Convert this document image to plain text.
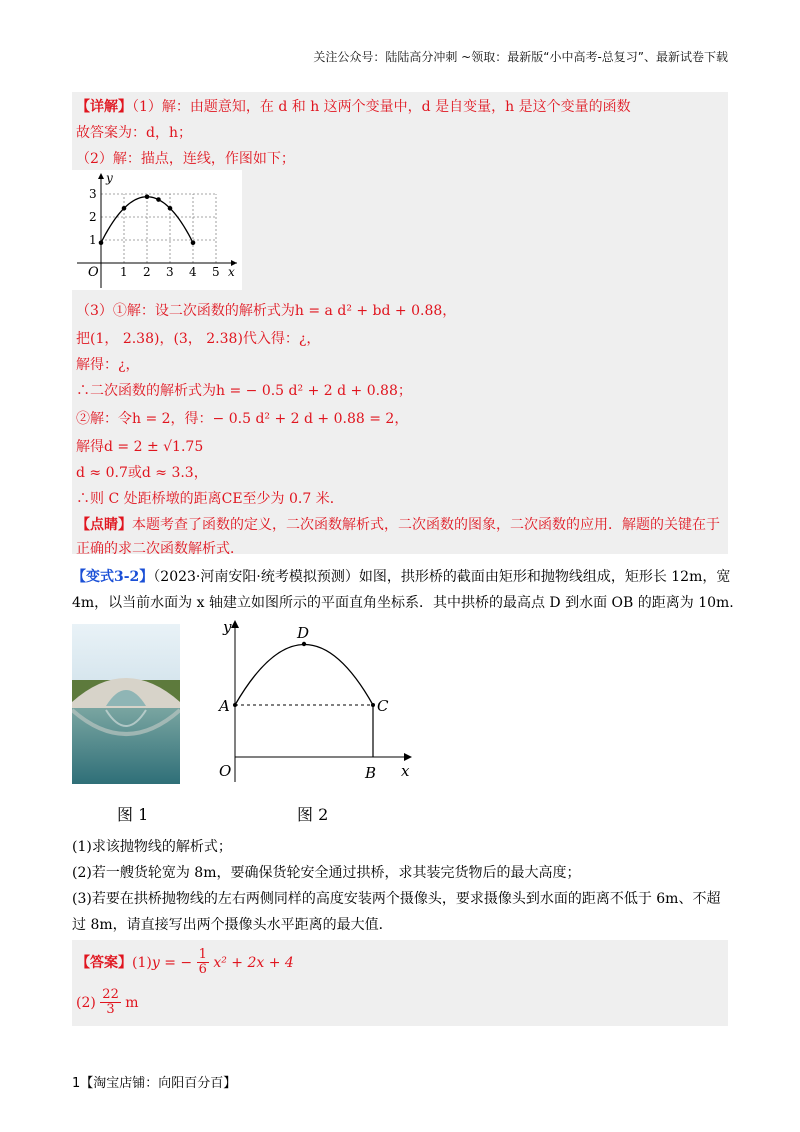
关注公众号：陆陆高分冲刺 ~领取：最新版“小中高考-总复习”、最新试卷下载
【详解】（1）解：由题意知，在 d 和 h 这两个变量中，d 是自变量，h 是这个变量的函数
故答案为：d，h；
（2）解：描点，连线，作图如下；
1 2 3 4 5
1
2
3
O	x
y
（3）①解：设二次函数的解析式为h = a d² + bd + 0.88，
把(1， 2.38)，(3， 2.38)代入得：¿，
解得：¿，
∴二次函数的解析式为h = − 0.5 d² + 2 d + 0.88；
②解：令h = 2，得：− 0.5 d² + 2 d + 0.88 = 2，
解得d = 2 ± √1.75
d ≈ 0.7或d ≈ 3.3，
∴则 C 处距桥墩的距离CE至少为 0.7 米．
【点睛】本题考查了函数的定义，二次函数解析式，二次函数的图象，二次函数的应用．解题的关键在于
正确的求二次函数解析式．
【变式3-2】（2023·河南安阳·统考模拟预测）如图，拱形桥的截面由矩形和抛物线组成，矩形长 12m，宽
4m，以当前水面为 x 轴建立如图所示的平面直角坐标系．其中拱桥的最高点 D 到水面 OB 的距离为 10m.
y
x
D
A	C
O	B
图 1	图 2
(1)求该抛物线的解析式；
(2)若一艘货轮宽为 8m，要确保货轮安全通过拱桥，求其装完货物后的最大高度；
(3)若要在拱桥抛物线的左右两侧同样的高度安装两个摄像头，要求摄像头到水面的距离不低于 6m、不超
过 8m，请直接写出两个摄像头水平距离的最大值．
【答案】(1)y = − $\frac{1}{6} x^2 + 2x + 4$
$(2) \frac{22}{3}$ m
1【淘宝店铺：向阳百分百】
